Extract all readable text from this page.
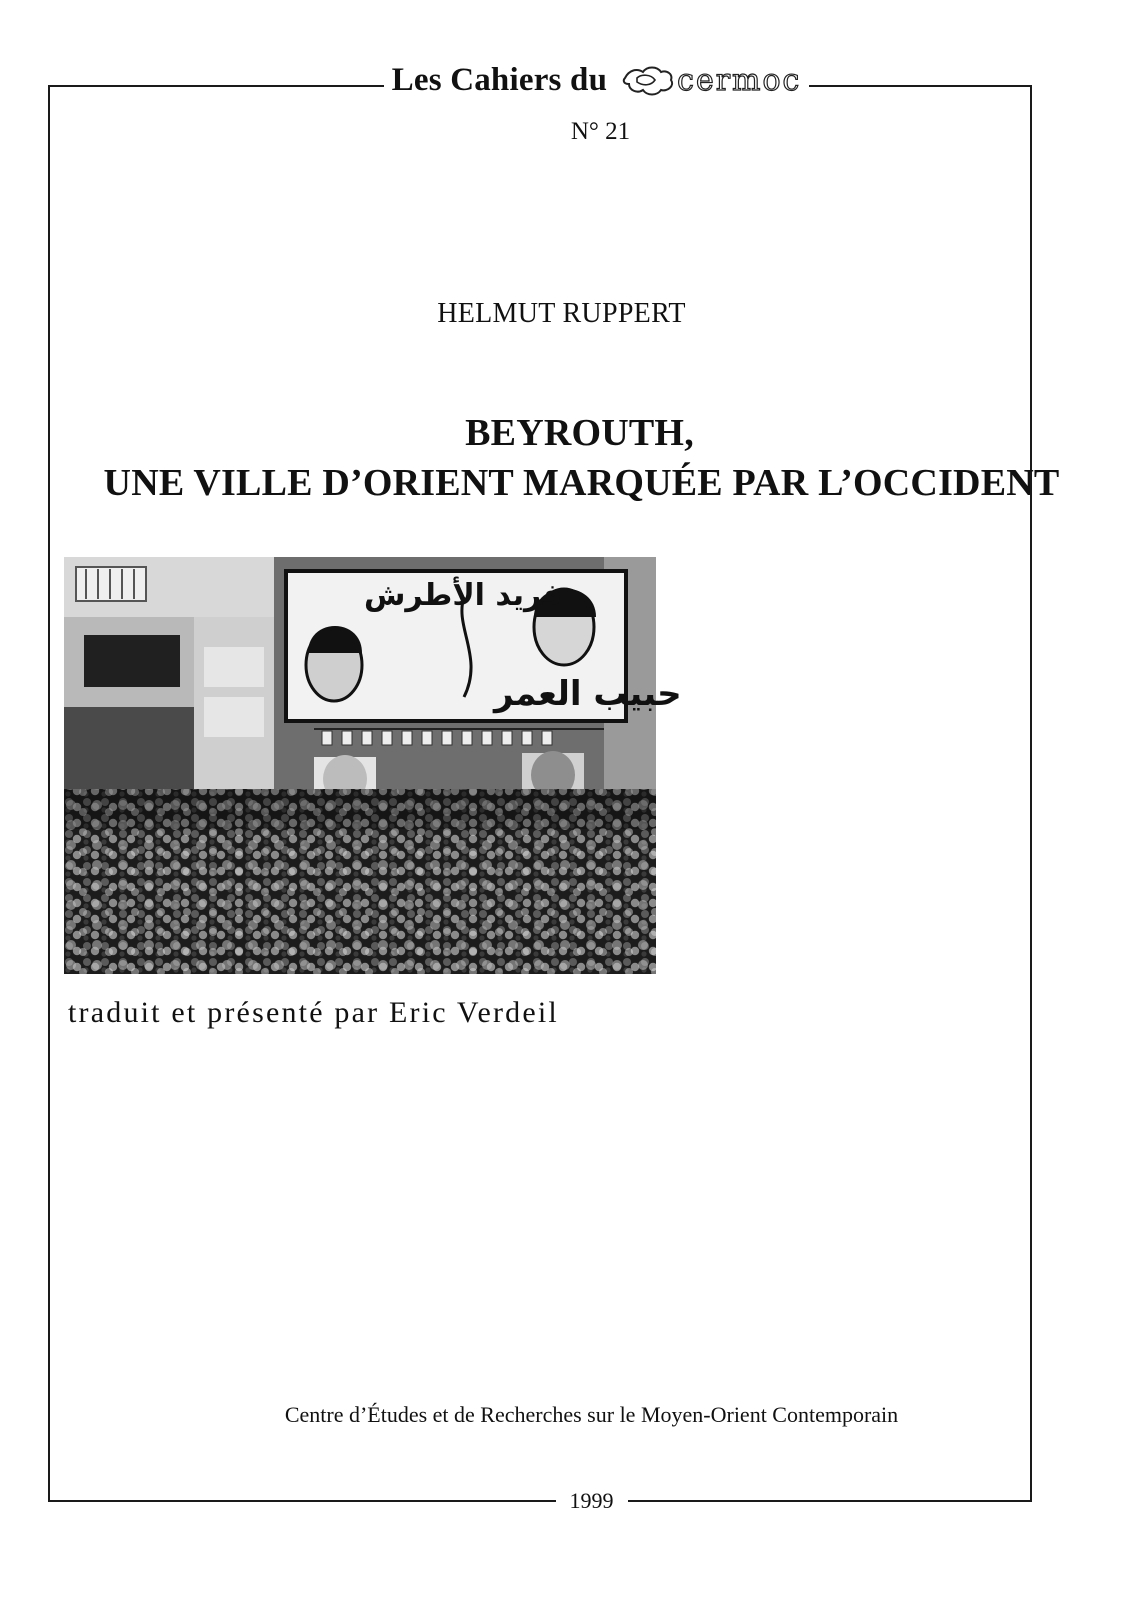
Les Cahiers du cermoc
N° 21
HELMUT RUPPERT
BEYROUTH,
UNE VILLE D’ORIENT MARQUÉE PAR L’OCCIDENT
فريد الأطرش
حبيب العمر
traduit et présenté par Eric Verdeil
Centre d’Études et de Recherches sur le Moyen-Orient Contemporain
1999
